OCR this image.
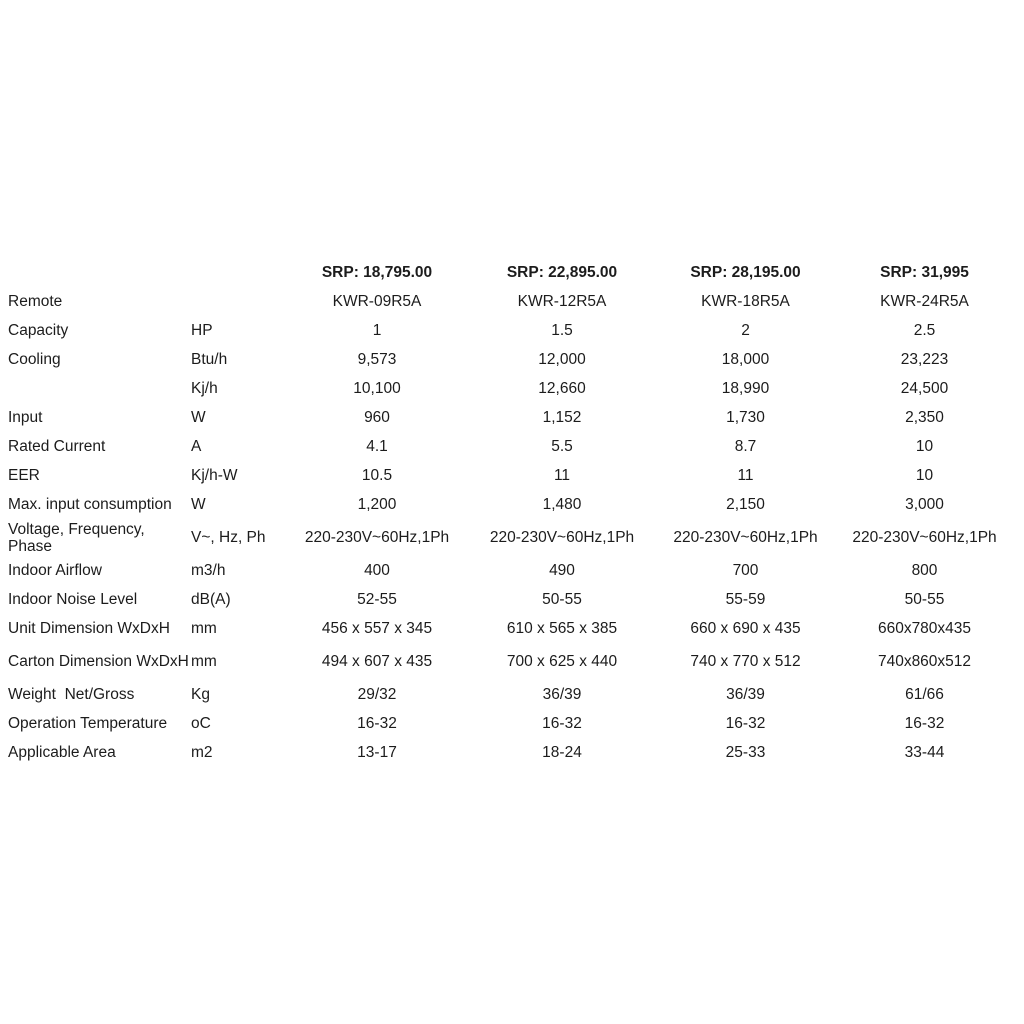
		SRP: 18,795.00	SRP: 22,895.00	SRP: 28,195.00	SRP: 31,995
Remote		KWR-09R5A	KWR-12R5A	KWR-18R5A	KWR-24R5A
Capacity	HP	1	1.5	2	2.5
Cooling	Btu/h	9,573	12,000	18,000	23,223
	Kj/h	10,100	12,660	18,990	24,500
Input	W	960	1,152	1,730	2,350
Rated Current	A	4.1	5.5	8.7	10
EER	Kj/h-W	10.5	11	11	10
Max. input consumption	W	1,200	1,480	2,150	3,000
Voltage, Frequency, Phase	V~, Hz, Ph	220-230V~60Hz,1Ph	220-230V~60Hz,1Ph	220-230V~60Hz,1Ph	220-230V~60Hz,1Ph
Indoor Airflow	m3/h	400	490	700	800
Indoor Noise Level	dB(A)	52-55	50-55	55-59	50-55
Unit Dimension WxDxH	mm	456 x 557 x 345	610 x 565 x 385	660 x 690 x 435	660x780x435
Carton Dimension WxDxH	mm	494 x 607 x 435	700 x 625 x 440	740 x 770 x 512	740x860x512
Weight  Net/Gross	Kg	29/32	36/39	36/39	61/66
Operation Temperature	oC	16-32	16-32	16-32	16-32
Applicable Area	m2	13-17	18-24	25-33	33-44
